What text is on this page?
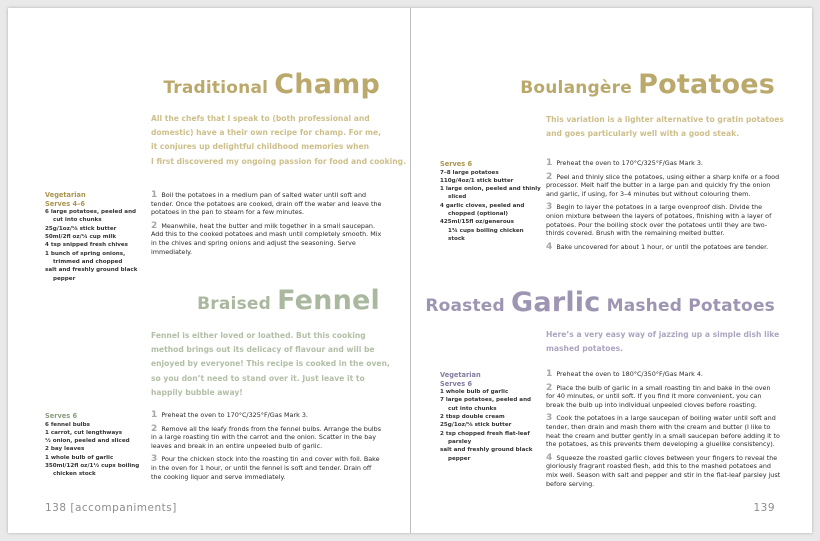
Traditional Champ
All the chefs that I speak to (both professional and
domestic) have a their own recipe for champ. For me,
it conjures up delightful childhood memories when
I first discovered my ongoing passion for food and cooking.
Vegetarian
Serves 4–6
6 large potatoes, peeled and
cut into chunks
25g/1oz/⅛ stick butter
50ml/2fl oz/¼ cup milk
4 tsp snipped fresh chives
1 bunch of spring onions,
trimmed and chopped
salt and freshly ground black
pepper

1 Boil the potatoes in a medium pan of salted water until soft and tender. Once the potatoes are cooked, drain off the water and leave the potatoes in the pan to steam for a few minutes.

2 Meanwhile, heat the butter and milk together in a small saucepan. Add this to the cooked potatoes and mash until completely smooth. Mix in the chives and spring onions and adjust the seasoning. Serve immediately.

Braised Fennel
Fennel is either loved or loathed. But this cooking
method brings out its delicacy of flavour and will be
enjoyed by everyone! This recipe is cooked in the oven,
so you don’t need to stand over it. Just leave it to
happily bubble away!
Serves 6
6 fennel bulbs
1 carrot, cut lengthways
½ onion, peeled and sliced
2 bay leaves
1 whole bulb of garlic
350ml/12fl oz/1½ cups boiling
chicken stock

1 Preheat the oven to 170°C/325°F/Gas Mark 3.

2 Remove all the leafy fronds from the fennel bulbs. Arrange the bulbs in a large roasting tin with the carrot and the onion. Scatter in the bay leaves and break in an entire unpeeled bulb of garlic.

3 Pour the chicken stock into the roasting tin and cover with foil. Bake in the oven for 1 hour, or until the fennel is soft and tender. Drain off the cooking liquor and serve immediately.

138 [accompaniments]
Boulangère Potatoes
This variation is a lighter alternative to gratin potatoes
and goes particularly well with a good steak.
Serves 6
7–8 large potatoes
110g/4oz/1 stick butter
1 large onion, peeled and thinly
sliced
4 garlic cloves, peeled and
chopped (optional)
425ml/15fl oz/generous
1¾ cups boiling chicken
stock

1 Preheat the oven to 170°C/325°F/Gas Mark 3.

2 Peel and thinly slice the potatoes, using either a sharp knife or a food processor. Melt half the butter in a large pan and quickly fry the onion and garlic, if using, for 3–4 minutes but without colouring them.

3 Begin to layer the potatoes in a large ovenproof dish. Divide the onion mixture between the layers of potatoes, finishing with a layer of potatoes. Pour the boiling stock over the potatoes until they are two-thirds covered. Brush with the remaining melted butter.

4 Bake uncovered for about 1 hour, or until the potatoes are tender.

Roasted Garlic Mashed Potatoes
Here’s a very easy way of jazzing up a simple dish like
mashed potatoes.
Vegetarian
Serves 6
1 whole bulb of garlic
7 large potatoes, peeled and
cut into chunks
2 tbsp double cream
25g/1oz/⅛ stick butter
2 tsp chopped fresh flat-leaf
parsley
salt and freshly ground black
pepper

1 Preheat the oven to 180°C/350°F/Gas Mark 4.

2 Place the bulb of garlic in a small roasting tin and bake in the oven for 40 minutes, or until soft. If you find it more convenient, you can break the bulb up into individual unpeeled cloves before roasting.

3 Cook the potatoes in a large saucepan of boiling water until soft and tender, then drain and mash them with the cream and butter (I like to heat the cream and butter gently in a small saucepan before adding it to the potatoes, as this prevents them developing a gluelike consistency).

4 Squeeze the roasted garlic cloves between your fingers to reveal the gloriously fragrant roasted flesh, add this to the mashed potatoes and mix well. Season with salt and pepper and stir in the flat-leaf parsley just before serving.

139
